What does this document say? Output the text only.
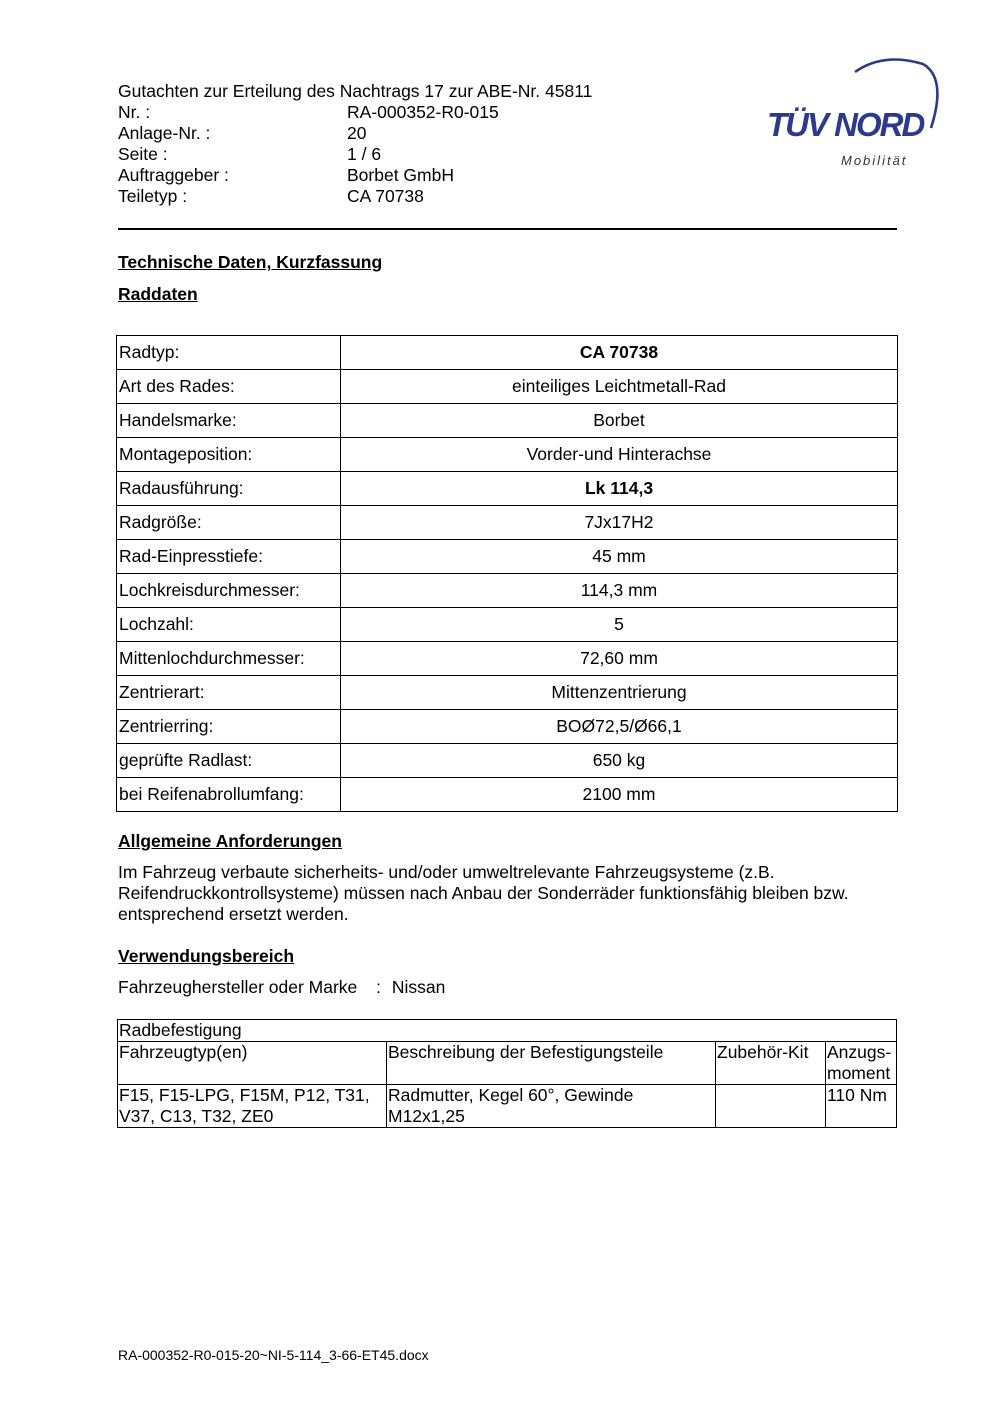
Gutachten zur Erteilung des Nachtrags 17 zur ABE-Nr. 45811
Nr. :	RA-000352-R0-015
Anlage-Nr. :	20
Seite :	1 / 6
Auftraggeber :	Borbet GmbH
Teiletyp :	CA 70738
TÜV NORD
Mobilität
Technische Daten, Kurzfassung
Raddaten
Radtyp:	CA 70738
Art des Rades:	einteiliges Leichtmetall-Rad
Handelsmarke:	Borbet
Montageposition:	Vorder-und Hinterachse
Radausführung:	Lk 114,3
Radgröße:	7Jx17H2
Rad-Einpresstiefe:	45 mm
Lochkreisdurchmesser:	114,3 mm
Lochzahl:	5
Mittenlochdurchmesser:	72,60 mm
Zentrierart:	Mittenzentrierung
Zentrierring:	BOØ72,5/Ø66,1
geprüfte Radlast:	650 kg
bei Reifenabrollumfang:	2100 mm
Allgemeine Anforderungen
Im Fahrzeug verbaute sicherheits- und/oder umweltrelevante Fahrzeugsysteme (z.B.
Reifendruckkontrollsysteme) müssen nach Anbau der Sonderräder funktionsfähig bleiben bzw.
entsprechend ersetzt werden.
Verwendungsbereich
Fahrzeughersteller oder Marke : Nissan
Radbefestigung			
Fahrzeugtyp(en)	Beschreibung der Befestigungsteile	Zubehör-Kit	Anzugs-
moment

F15, F15-LPG, F15M, P12, T31,
V37, C13, T32, ZE0	Radmutter, Kegel 60°, Gewinde
M12x1,25		110 Nm
RA-000352-R0-015-20~NI-5-114_3-66-ET45.docx
